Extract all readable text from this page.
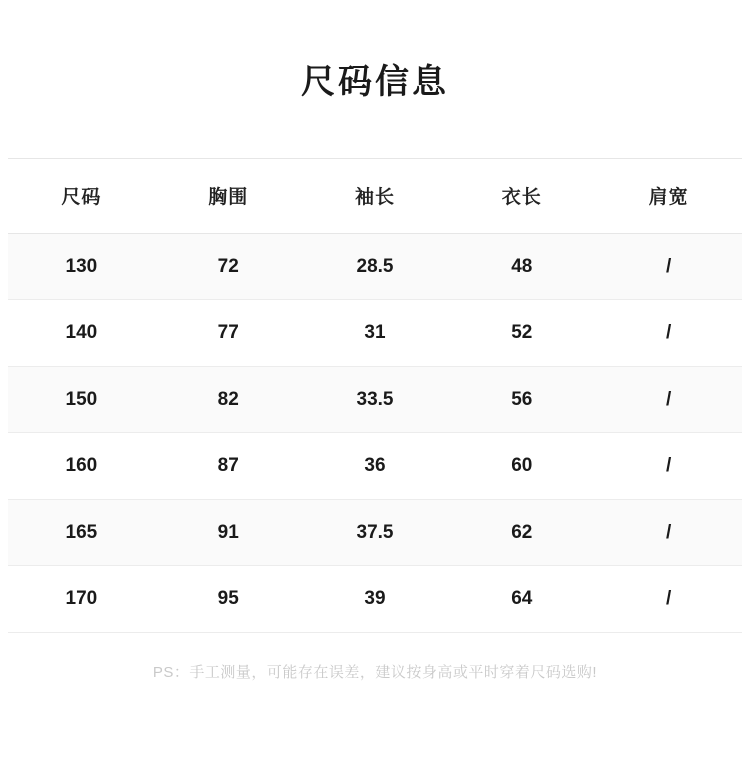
尺码信息
尺码	胸围	袖长	衣长	肩宽
130	72	28.5	48	/
140	77	31	52	/
150	82	33.5	56	/
160	87	36	60	/
165	91	37.5	62	/
170	95	39	64	/
PS：手工测量，可能存在误差，建议按身高或平时穿着尺码选购!
